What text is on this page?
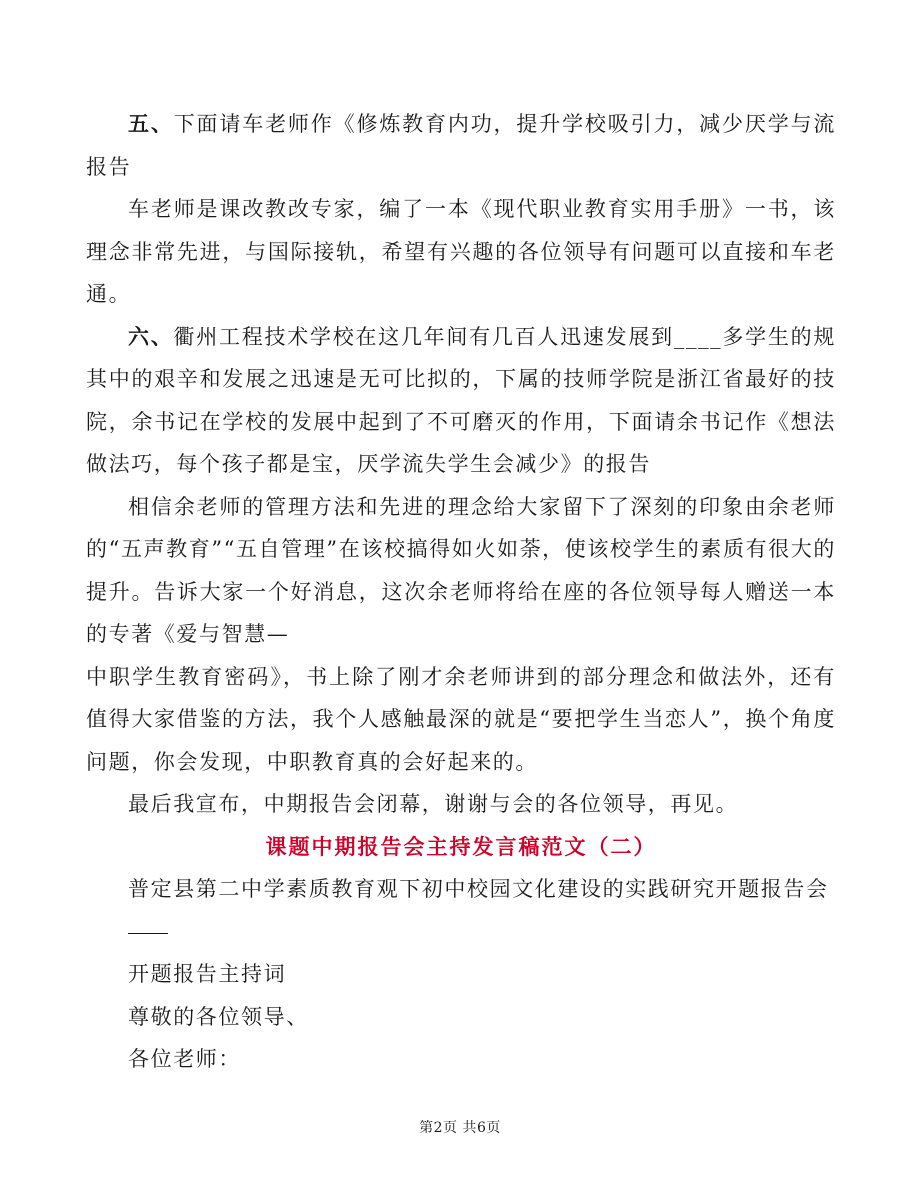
五、下面请车老师作《修炼教育内功，提升学校吸引力，减少厌学与流
报告
车老师是课改教改专家，编了一本《现代职业教育实用手册》一书，该
理念非常先进，与国际接轨，希望有兴趣的各位领导有问题可以直接和车老
通。
六、衢州工程技术学校在这几年间有几百人迅速发展到____多学生的规
其中的艰辛和发展之迅速是无可比拟的，下属的技师学院是浙江省最好的技
院，余书记在学校的发展中起到了不可磨灭的作用，下面请余书记作《想法
做法巧，每个孩子都是宝，厌学流失学生会减少》的报告
相信余老师的管理方法和先进的理念给大家留下了深刻的印象由余老师
的“五声教育”“五自管理”在该校搞得如火如荼，使该校学生的素质有很大的
提升。告诉大家一个好消息，这次余老师将给在座的各位领导每人赠送一本
的专著《爱与智慧—
中职学生教育密码》，书上除了刚才余老师讲到的部分理念和做法外，还有
值得大家借鉴的方法，我个人感触最深的就是“要把学生当恋人”，换个角度
问题，你会发现，中职教育真的会好起来的。
最后我宣布，中期报告会闭幕，谢谢与会的各位领导，再见。
课题中期报告会主持发言稿范文（二）
普定县第二中学素质教育观下初中校园文化建设的实践研究开题报告会
开题报告主持词
尊敬的各位领导、
各位老师：
第2页 共6页
